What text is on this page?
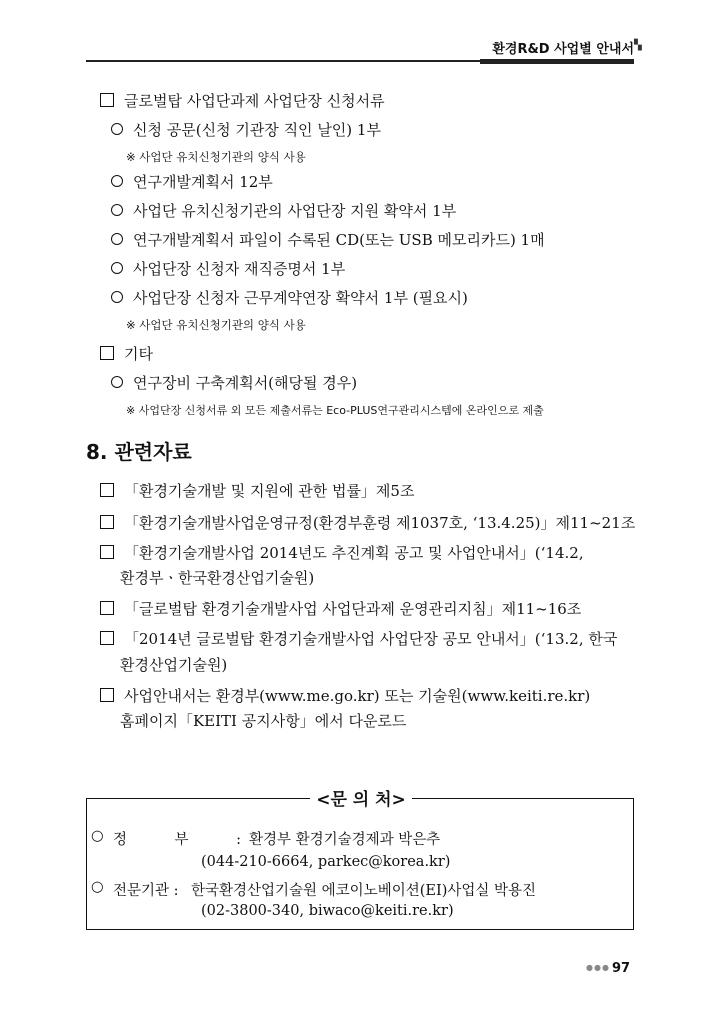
환경R&D 사업별 안내서 ▚
글로벌탑 사업단과제 사업단장 신청서류
신청 공문(신청 기관장 직인 날인) 1부
※ 사업단 유치신청기관의 양식 사용
연구개발계획서 12부
사업단 유치신청기관의 사업단장 지원 확약서 1부
연구개발계획서 파일이 수록된 CD(또는 USB 메모리카드) 1매
사업단장 신청자 재직증명서 1부
사업단장 신청자 근무계약연장 확약서 1부 (필요시)
※ 사업단 유치신청기관의 양식 사용
기타
연구장비 구축계획서(해당될 경우)
※ 사업단장 신청서류 외 모든 제출서류는 Eco-PLUS연구관리시스템에 온라인으로 제출
8. 관련자료
「환경기술개발 및 지원에 관한 법률」제5조
「환경기술개발사업운영규정(환경부훈령 제1037호, ‘13.4.25)」제11~21조
「환경기술개발사업 2014년도 추진계획 공고 및 사업안내서」(‘14.2,
환경부ㆍ한국환경산업기술원)
「글로벌탑 환경기술개발사업 사업단과제 운영관리지침」제11~16조
「2014년 글로벌탑 환경기술개발사업 사업단장 공모 안내서」(‘13.2, 한국
환경산업기술원)
사업안내서는 환경부(www.me.go.kr) 또는 기술원(www.keiti.re.kr)
홈페이지「KEITI 공지사항」에서 다운로드
<문 의 처>
○ 정 부 : 환경부 환경기술경제과 박은추
(044-210-6664, parkec@korea.kr)
○ 전문기관 : 한국환경산업기술원 에코이노베이션(EI)사업실 박용진
(02-3800-340, biwaco@keiti.re.kr)
●●● 97
